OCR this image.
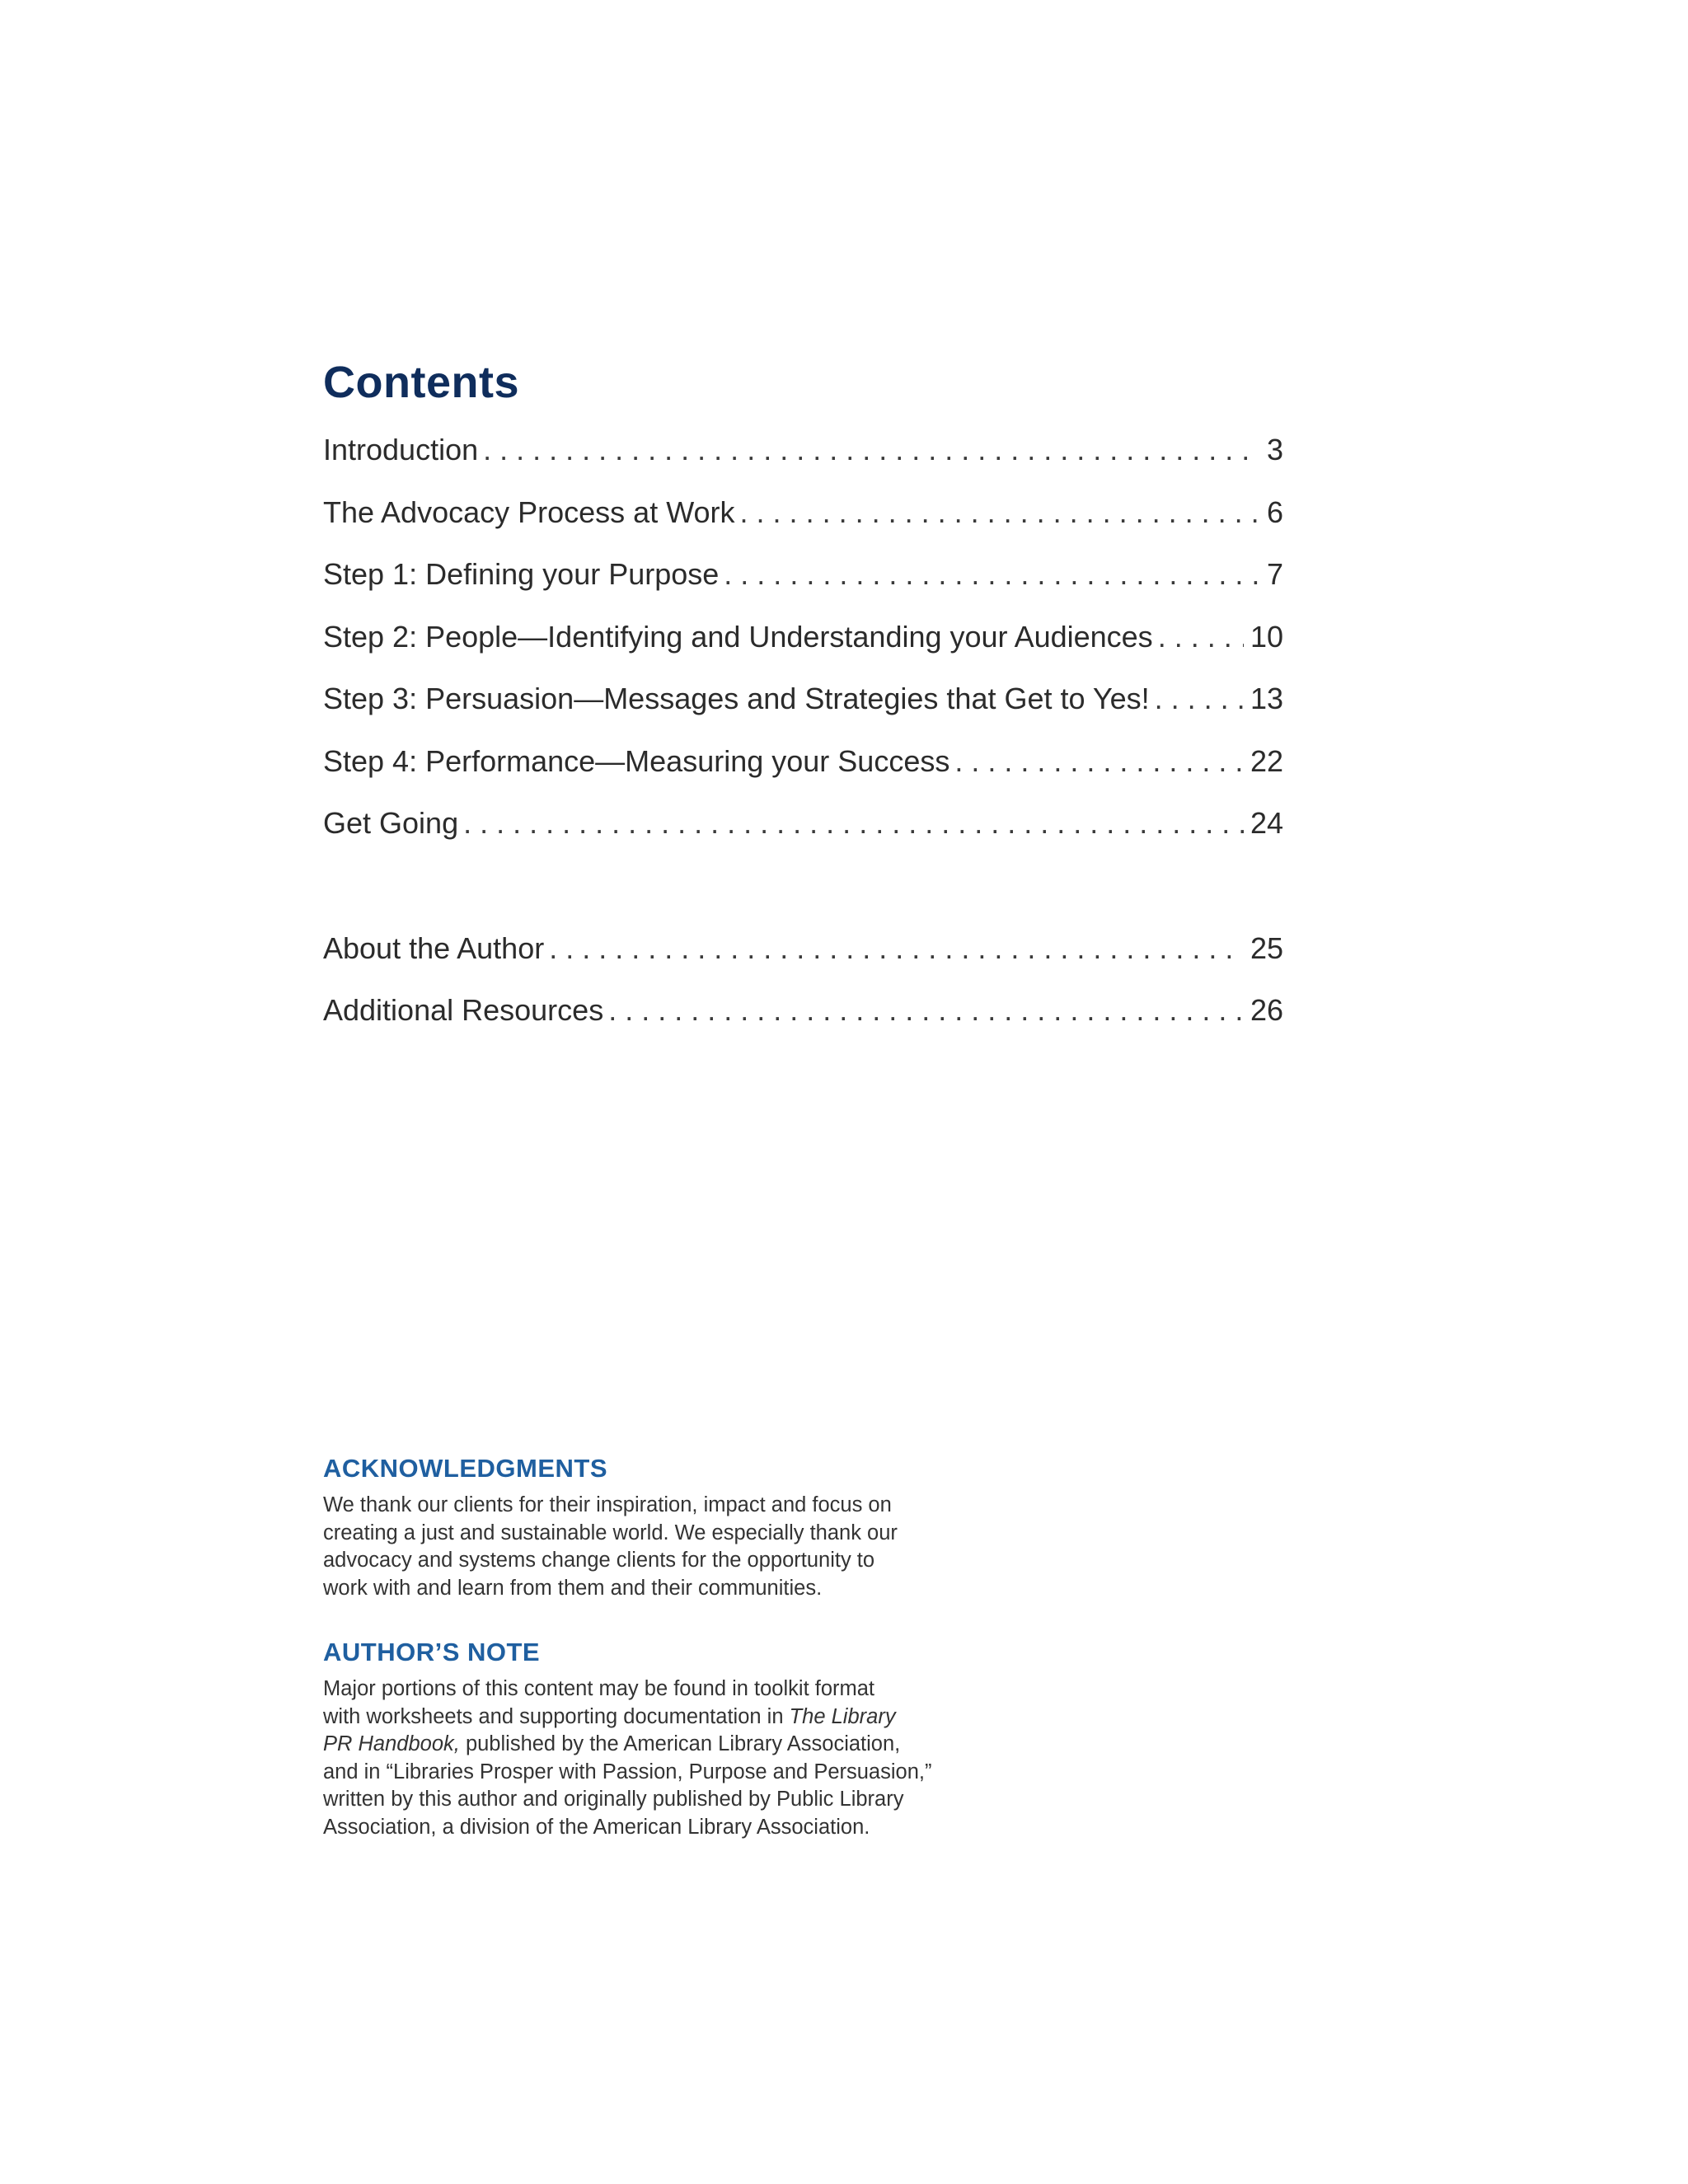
Contents
Introduction . . .	3
The Advocacy Process at Work . . .	6
Step 1: Defining your Purpose . . .	7
Step 2: People—Identifying and Understanding your Audiences . . .	10
Step 3: Persuasion—Messages and Strategies that Get to Yes! . . .	13
Step 4: Performance—Measuring your Success . . .	22
Get Going . . .	24
About the Author . . .	25
Additional Resources . . .	26
ACKNOWLEDGMENTS

We thank our clients for their inspiration, impact and focus on
creating a just and sustainable world. We especially thank our
advocacy and systems change clients for the opportunity to
work with and learn from them and their communities.

AUTHOR’S NOTE

Major portions of this content may be found in toolkit format
with worksheets and supporting documentation in The Library
PR Handbook, published by the American Library Association,
and in “Libraries Prosper with Passion, Purpose and Persuasion,”
written by this author and originally published by Public Library
Association, a division of the American Library Association.
